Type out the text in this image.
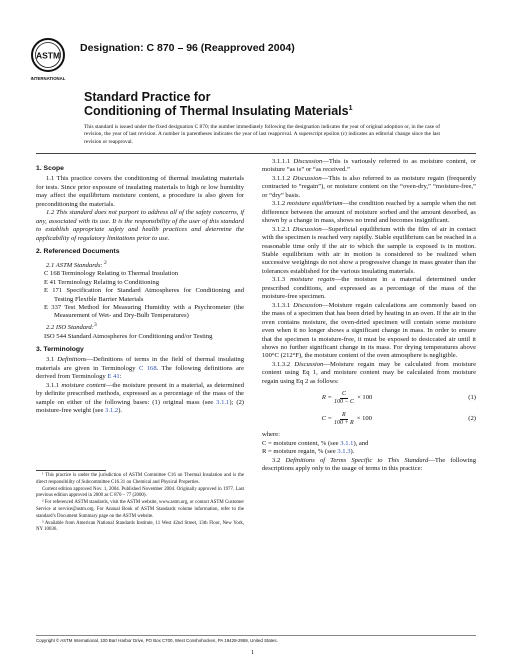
ASTM
INTERNATIONAL
Designation: C 870 – 96 (Reapproved 2004)
Standard Practice for
Conditioning of Thermal Insulating Materials$^1$
This standard is issued under the fixed designation C 870; the number immediately following the designation indicates the year of original adoption or, in the case of revision, the year of last revision. A number in parentheses indicates the year of last reapproval. A superscript epsilon (ε) indicates an editorial change since the last revision or reapproval.

1. Scope

1.1 This practice covers the conditioning of thermal insulating materials for tests. Since prior exposure of insulating materials to high or low humidity may affect the equilibrium moisture content, a procedure is also given for preconditioning the materials.

1.2 This standard does not purport to address all of the safety concerns, if any, associated with its use. It is the responsibility of the user of this standard to establish appropriate safety and health practices and determine the applicability of regulatory limitations prior to use.

2. Referenced Documents

2.1 ASTM Standards: $^2$

C 168 Terminology Relating to Thermal Insulation

E 41 Terminology Relating to Conditioning

E 171 Specification for Standard Atmospheres for Conditioning and Testing Flexible Barrier Materials

E 337 Test Method for Measuring Humidity with a Psychrometer (the Measurement of Wet- and Dry-Bulb Temperatures)

2.2 ISO Standard:$^3$

ISO 544 Standard Atmospheres for Conditioning and/or Testing

3. Terminology

3.1 Definitions—Definitions of terms in the field of thermal insulating materials are given in Terminology C 168. The following definitions are derived from Terminology E 41:

3.1.1 moisture content—the moisture present in a material, as determined by definite prescribed methods, expressed as a percentage of the mass of the sample on either of the following bases: (1) original mass (see 3.1.1); (2) moisture-free weight (see 3.1.2).

¹ This practice is under the jurisdiction of ASTM Committee C16 on Thermal Insulation and is the direct responsibility of Subcommittee C16.31 on Chemical and Physical Properties.

Current edition approved Nov. 1, 2004. Published November 2004. Originally approved in 1977. Last previous edition approved in 2000 as C 870 – 77 (2000).

² For referenced ASTM standards, visit the ASTM website, www.astm.org, or contact ASTM Customer Service at service@astm.org. For Annual Book of ASTM Standards volume information, refer to the standard’s Document Summary page on the ASTM website.

³ Available from American National Standards Institute, 11 West 42nd Street, 13th Floor, New York, NY 10036.

3.1.1.1 Discussion—This is variously referred to as moisture content, or moisture “as is” or “as received.”

3.1.1.2 Discussion—This is also referred to as moisture regain (frequently contracted to “regain”), or moisture content on the “oven-dry,” “moisture-free,” or “dry” basis.

3.1.2 moisture equilibrium—the condition reached by a sample when the net difference between the amount of moisture sorbed and the amount desorbed, as shown by a change in mass, shows no trend and becomes insignificant.

3.1.2.1 Discussion—Superficial equilibrium with the film of air in contact with the specimen is reached very rapidly. Stable equilibrium can be reached in a reasonable time only if the air to which the sample is exposed is in motion. Stable equilibrium with air in motion is considered to be realized when successive weighings do not show a progressive change in mass greater than the tolerances established for the various insulating materials.

3.1.3 moisture regain—the moisture in a material determined under prescribed conditions, and expressed as a percentage of the mass of the moisture-free specimen.

3.1.3.1 Discussion—Moisture regain calculations are commonly based on the mass of a specimen that has been dried by heating in an oven. If the air in the oven contains moisture, the oven-dried specimen will contain some moisture even when it no longer shows a significant change in mass. In order to ensure that the specimen is moisture-free, it must be exposed to desiccated air until it shows no further significant change in its mass. For drying temperatures above 100°C (212°F), the moisture content of the oven atmosphere is negligible.

3.1.3.2 Discussion—Moisture regain may be calculated from moisture content using Eq 1, and moisture content may be calculated from moisture regain using Eq 2 as follows:

$R = \frac{C}{100 - C} \times 100$	(1)
$C = \frac{R}{100 + R} \times 100$	(2)

where:

C = moisture content, % (see 3.1.1), and

R = moisture regain, % (see 3.1.3).

3.2 Definitions of Terms Specific to This Standard—The following descriptions apply only to the usage of terms in this practice:

Copyright © ASTM International, 100 Barr Harbor Drive, PO Box C700, West Conshohocken, PA 19428-2959, United States.
1
